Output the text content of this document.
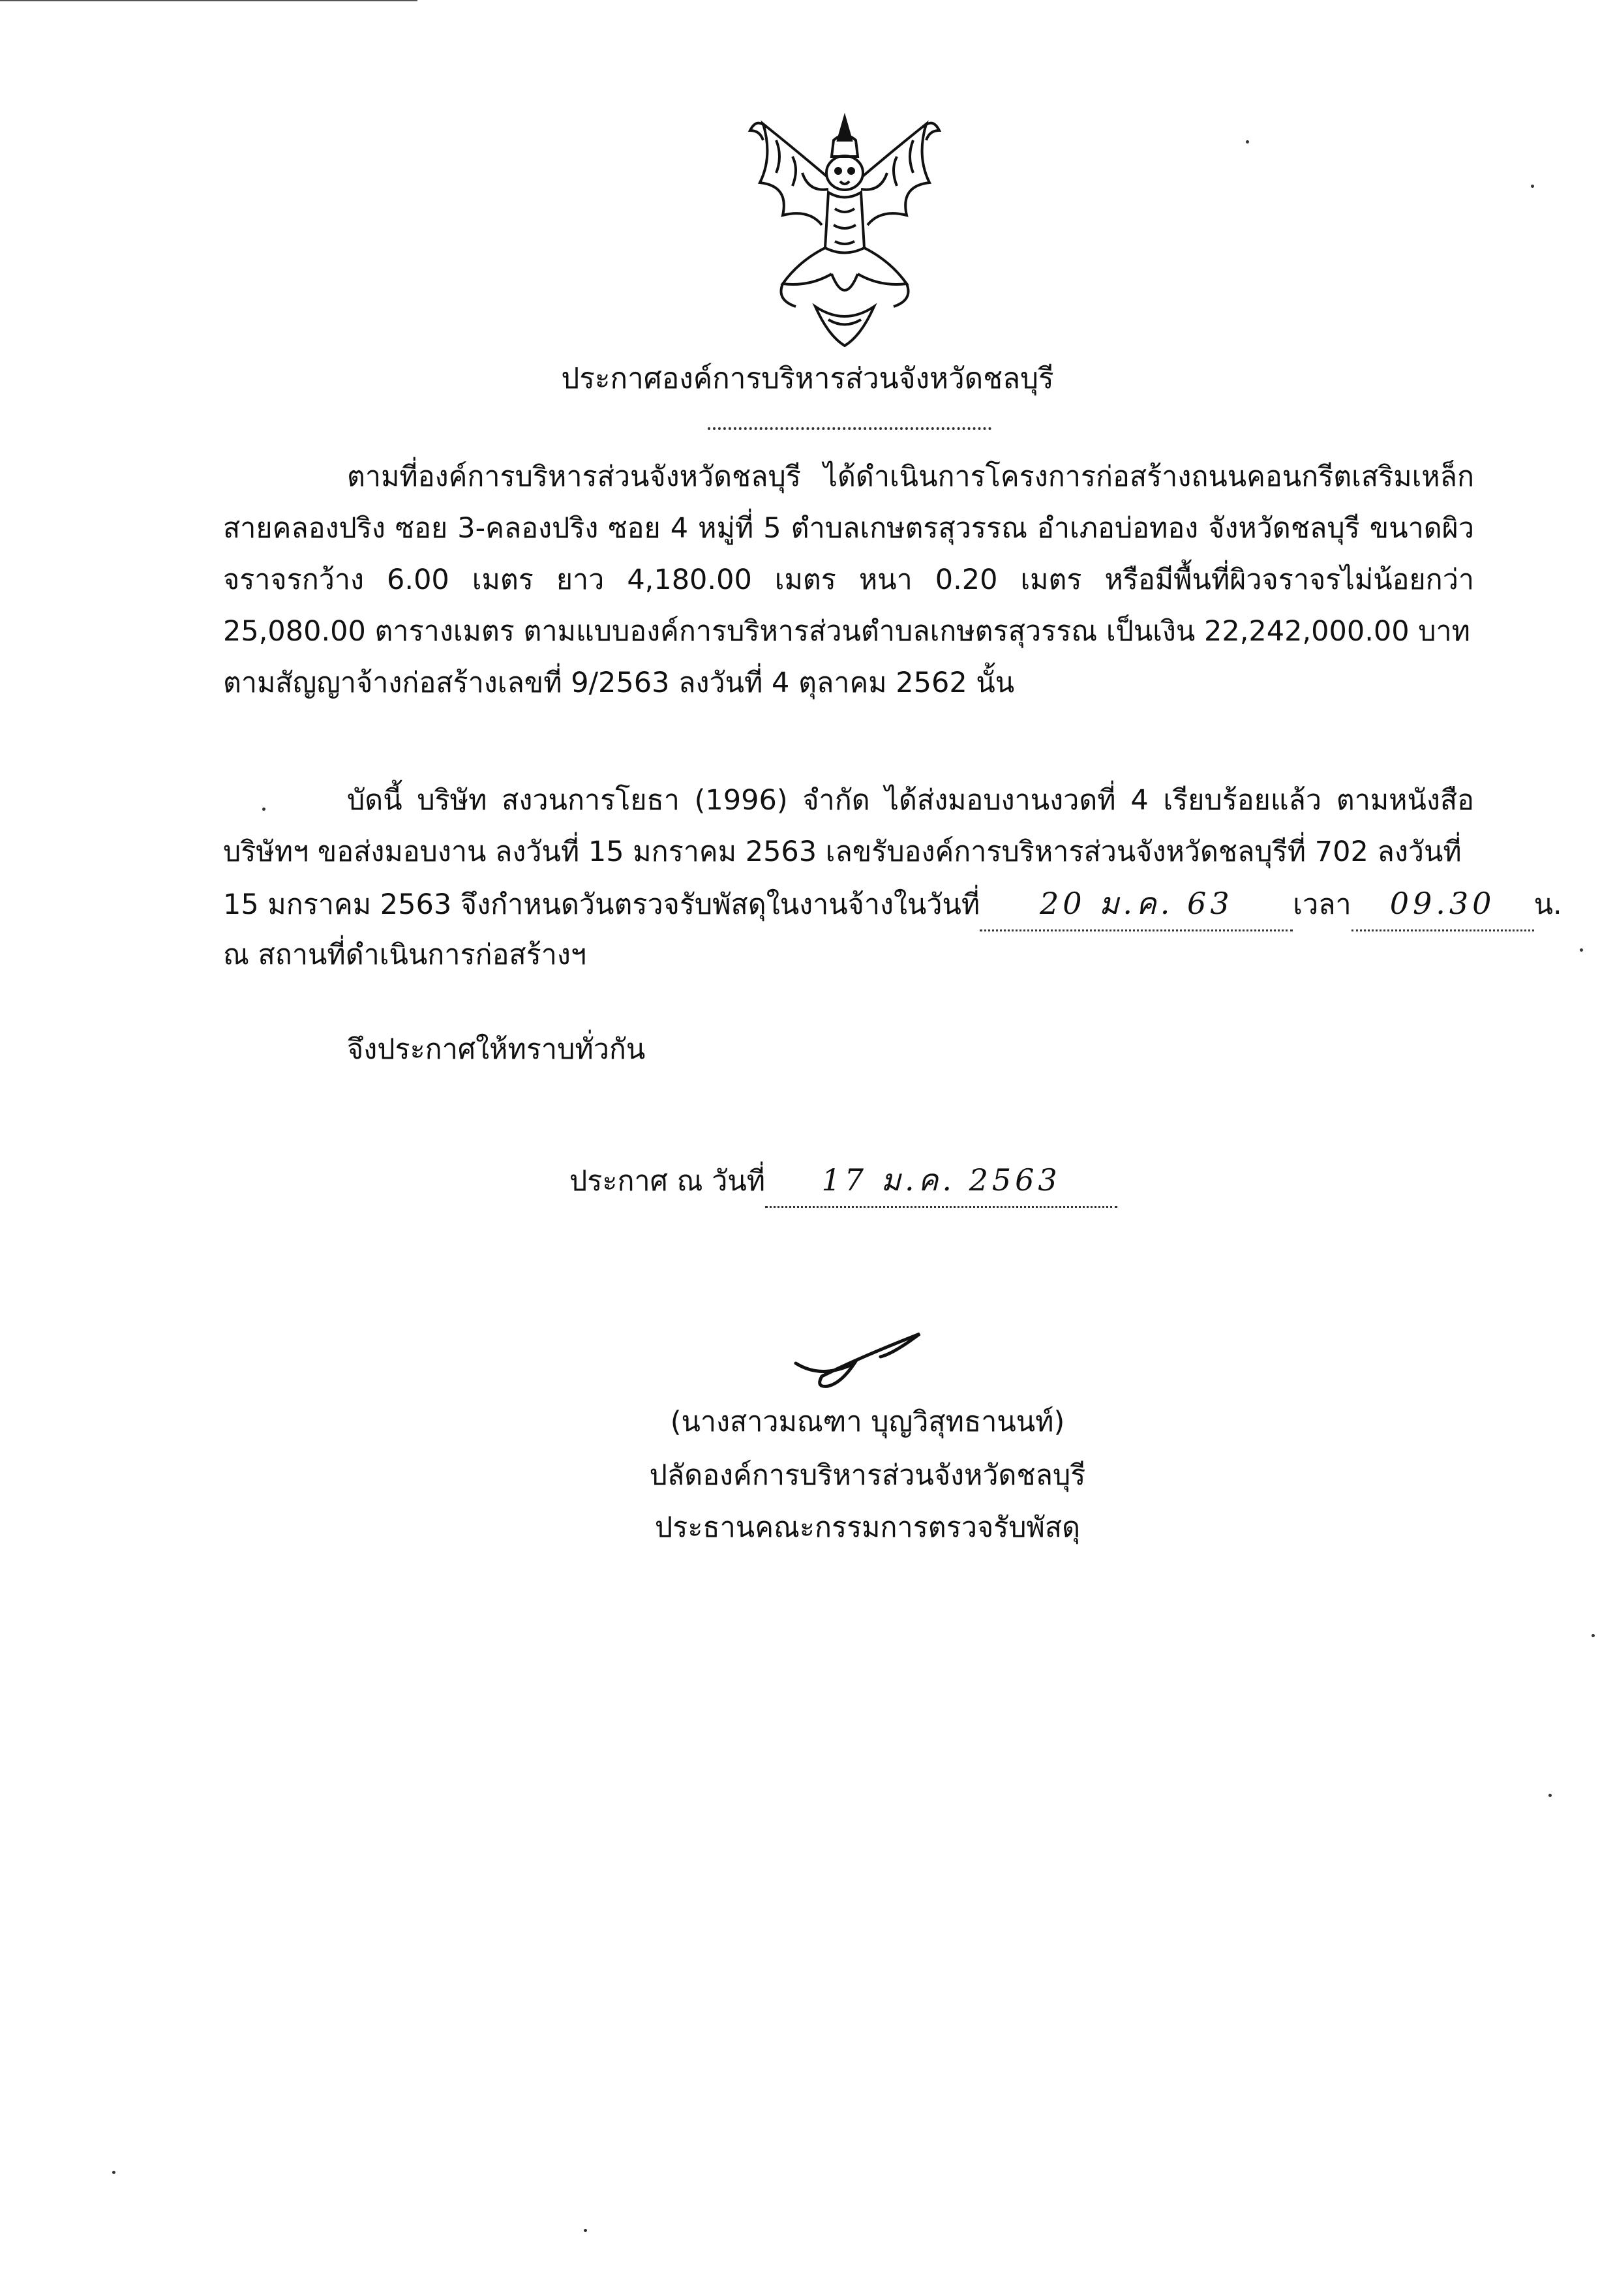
ประกาศองค์การบริหารส่วนจังหวัดชลบุรี
ตามที่องค์การบริหารส่วนจังหวัดชลบุรี ได้ดำเนินการโครงการก่อสร้างถนนคอนกรีตเสริมเหล็ก สายคลองปริง ซอย 3-คลองปริง ซอย 4 หมู่ที่ 5 ตำบลเกษตรสุวรรณ อำเภอบ่อทอง จังหวัดชลบุรี ขนาดผิวจราจรกว้าง 6.00 เมตร ยาว 4,180.00 เมตร หนา 0.20 เมตร หรือมีพื้นที่ผิวจราจรไม่น้อยกว่า 25,080.00 ตารางเมตร ตามแบบองค์การบริหารส่วนตำบลเกษตรสุวรรณ เป็นเงิน 22,242,000.00 บาท
ตามสัญญาจ้างก่อสร้างเลขที่ 9/2563 ลงวันที่ 4 ตุลาคม 2562 นั้น
บัดนี้ บริษัท สงวนการโยธา (1996) จำกัด ได้ส่งมอบงานงวดที่ 4 เรียบร้อยแล้ว ตามหนังสือ บริษัทฯ ขอส่งมอบงาน ลงวันที่ 15 มกราคม 2563 เลขรับองค์การบริหารส่วนจังหวัดชลบุรีที่ 702 ลงวันที่
15 มกราคม 2563 จึงกำหนดวันตรวจรับพัสดุในงานจ้างในวันที่ 20 ม.ค. 63 เวลา 09.30 น.
ณ สถานที่ดำเนินการก่อสร้างฯ
จึงประกาศให้ทราบทั่วกัน
ประกาศ ณ วันที่ 17 ม.ค. 2563
(นางสาวมณฑา บุญวิสุทธานนท์)
ปลัดองค์การบริหารส่วนจังหวัดชลบุรี
ประธานคณะกรรมการตรวจรับพัสดุ
